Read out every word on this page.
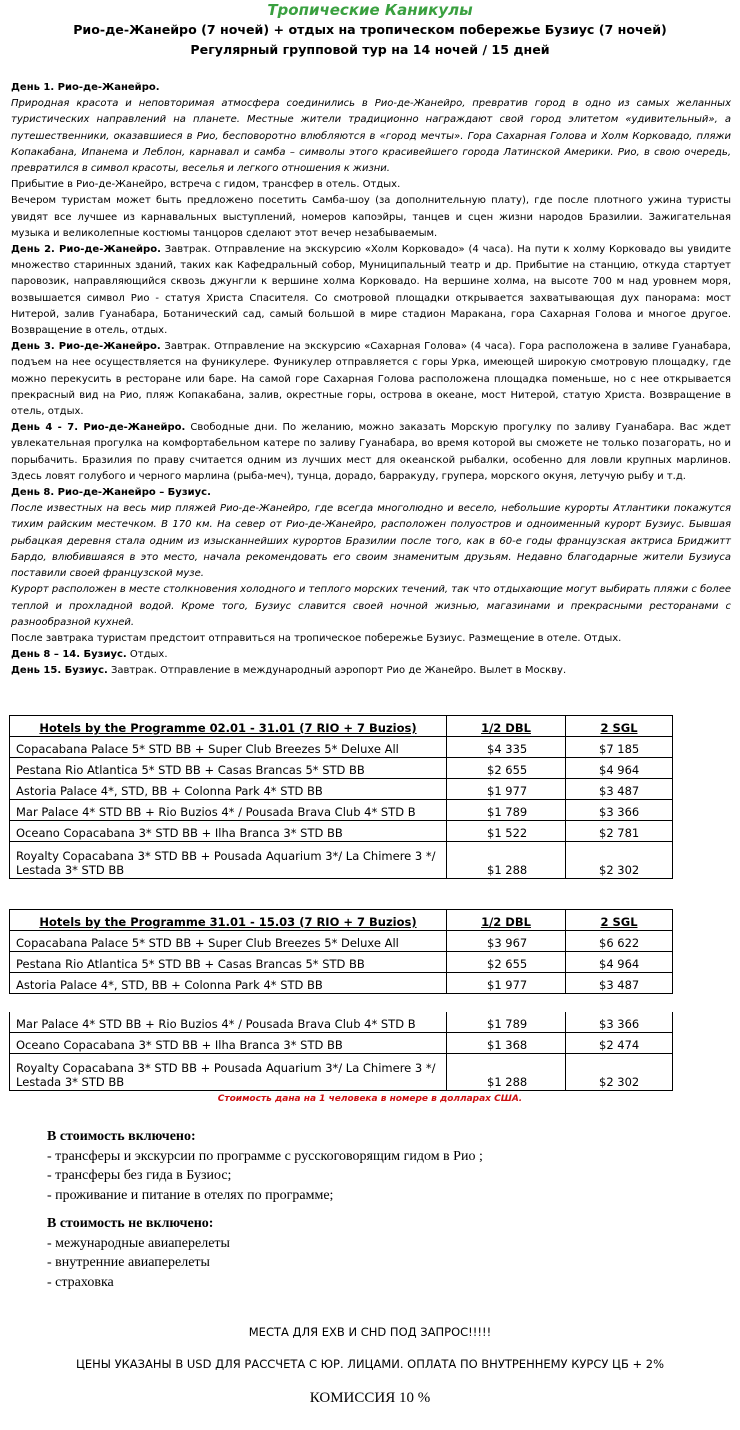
Тропические Каникулы
Рио-де-Жанейро (7 ночей) + отдых на тропическом побережье Бузиус (7 ночей)
Регулярный групповой тур на 14 ночей / 15 дней

День 1. Рио-де-Жанейро.

Природная красота и неповторимая атмосфера соединились в Рио-де-Жанейро, превратив город в одно из самых желанных туристических направлений на планете. Местные жители традиционно награждают свой город элитетом «удивительный», а путешественники, оказавшиеся в Рио, бесповоротно влюбляются в «город мечты». Гора Сахарная Голова и Холм Корковадо, пляжи Копакабана, Ипанема и Леблон, карнавал и самба – символы этого красивейшего города Латинской Америки. Рио, в свою очередь, превратился в символ красоты, веселья и легкого отношения к жизни.

Прибытие в Рио-де-Жанейро, встреча с гидом, трансфер в отель. Отдых.

Вечером туристам может быть предложено посетить Самба-шоу (за дополнительную плату), где после плотного ужина туристы увидят все лучшее из карнавальных выступлений, номеров капоэйры, танцев и сцен жизни народов Бразилии. Зажигательная музыка и великолепные костюмы танцоров сделают этот вечер незабываемым.

День 2. Рио-де-Жанейро. Завтрак. Отправление на экскурсию «Холм Корковадо» (4 часа). На пути к холму Корковадо вы увидите множество старинных зданий, таких как Кафедральный собор, Муниципальный театр и др. Прибытие на станцию, откуда стартует паровозик, направляющийся сквозь джунгли к вершине холма Корковадо. На вершине холма, на высоте 700 м над уровнем моря, возвышается символ Рио - статуя Христа Спасителя. Со смотровой площадки открывается захватывающая дух панорама: мост Нитерой, залив Гуанабара, Ботанический сад, самый большой в мире стадион Маракана, гора Сахарная Голова и многое другое. Возвращение в отель, отдых.

День 3. Рио-де-Жанейро. Завтрак. Отправление на экскурсию «Сахарная Голова» (4 часа). Гора расположена в заливе Гуанабара, подъем на нее осуществляется на фуникулере. Фуникулер отправляется с горы Урка, имеющей широкую смотровую площадку, где можно перекусить в ресторане или баре. На самой горе Сахарная Голова расположена площадка поменьше, но с нее открывается прекрасный вид на Рио, пляж Копакабана, залив, окрестные горы, острова в океане, мост Нитерой, статую Христа. Возвращение в отель, отдых.

День 4 - 7. Рио-де-Жанейро. Свободные дни. По желанию, можно заказать Морскую прогулку по заливу Гуанабара. Вас ждет увлекательная прогулка на комфортабельном катере по заливу Гуанабара, во время которой вы сможете не только позагорать, но и порыбачить. Бразилия по праву считается одним из лучших мест для океанской рыбалки, особенно для ловли крупных марлинов. Здесь ловят голубого и черного марлина (рыба-меч), тунца, дорадо, барракуду, групера, морского окуня, летучую рыбу и т.д.

День 8. Рио-де-Жанейро – Бузиус.

После известных на весь мир пляжей Рио-де-Жанейро, где всегда многолюдно и весело, небольшие курорты Атлантики покажутся тихим райским местечком. В 170 км. На север от Рио-де-Жанейро, расположен полуостров и одноименный курорт Бузиус. Бывшая рыбацкая деревня стала одним из изысканнейших курортов Бразилии после того, как в 60-е годы французская актриса Бриджитт Бардо, влюбившаяся в это место, начала рекомендовать его своим знаменитым друзьям. Недавно благодарные жители Бузиуса поставили своей французской музе.

Курорт расположен в месте столкновения холодного и теплого морских течений, так что отдыхающие могут выбирать пляжи с более теплой и прохладной водой. Кроме того, Бузиус славится своей ночной жизнью, магазинами и прекрасными ресторанами с разнообразной кухней.

После завтрака туристам предстоит отправиться на тропическое побережье Бузиус. Размещение в отеле. Отдых.

День 8 – 14. Бузиус. Отдых.

День 15. Бузиус. Завтрак. Отправление в международный аэропорт Рио де Жанейро. Вылет в Москву.

Hotels by the Programme 02.01 - 31.01 (7 RIO + 7 Buzios)	1/2 DBL	2 SGL
Copacabana Palace 5* STD BB + Super Club Breezes 5* Deluxe All	$4 335	$7 185
Pestana Rio Atlantica 5* STD BB + Casas Brancas 5* STD BB	$2 655	$4 964
Astoria Palace 4*, STD, BB + Colonna Park 4* STD BB	$1 977	$3 487
Mar Palace 4* STD BB + Rio Buzios 4* / Pousada Brava Club 4* STD B	$1 789	$3 366
Oceano Copacabana 3* STD BB + Ilha Branca 3* STD BB	$1 522	$2 781
Royalty Copacabana 3* STD BB + Pousada Aquarium 3*/ La Chimere 3 */ Lestada 3* STD BB	$1 288	$2 302
Hotels by the Programme 31.01 - 15.03 (7 RIO + 7 Buzios)	1/2 DBL	2 SGL
Copacabana Palace 5* STD BB + Super Club Breezes 5* Deluxe All	$3 967	$6 622
Pestana Rio Atlantica 5* STD BB + Casas Brancas 5* STD BB	$2 655	$4 964
Astoria Palace 4*, STD, BB + Colonna Park 4* STD BB	$1 977	$3 487
Mar Palace 4* STD BB + Rio Buzios 4* / Pousada Brava Club 4* STD B	$1 789	$3 366
Oceano Copacabana 3* STD BB + Ilha Branca 3* STD BB	$1 368	$2 474
Royalty Copacabana 3* STD BB + Pousada Aquarium 3*/ La Chimere 3 */ Lestada 3* STD BB	$1 288	$2 302
Стоимость дана на 1 человека в номере в долларах США.
В стоимость включено:
- трансферы и экскурсии по программе с русскоговорящим гидом в Рио ;
- трансферы без гида в Бузиос;
- проживание и питание в отелях по программе;
В стоимость не включено:
- межународные авиаперелеты
- внутренние авиаперелеты
- страховка
МЕСТА ДЛЯ EXB И CHD ПОД ЗАПРОС!!!!!
ЦЕНЫ УКАЗАНЫ В USD ДЛЯ РАССЧЕТА С ЮР. ЛИЦАМИ. ОПЛАТА ПО ВНУТРЕННЕМУ КУРСУ ЦБ + 2%
КОМИССИЯ 10 %
